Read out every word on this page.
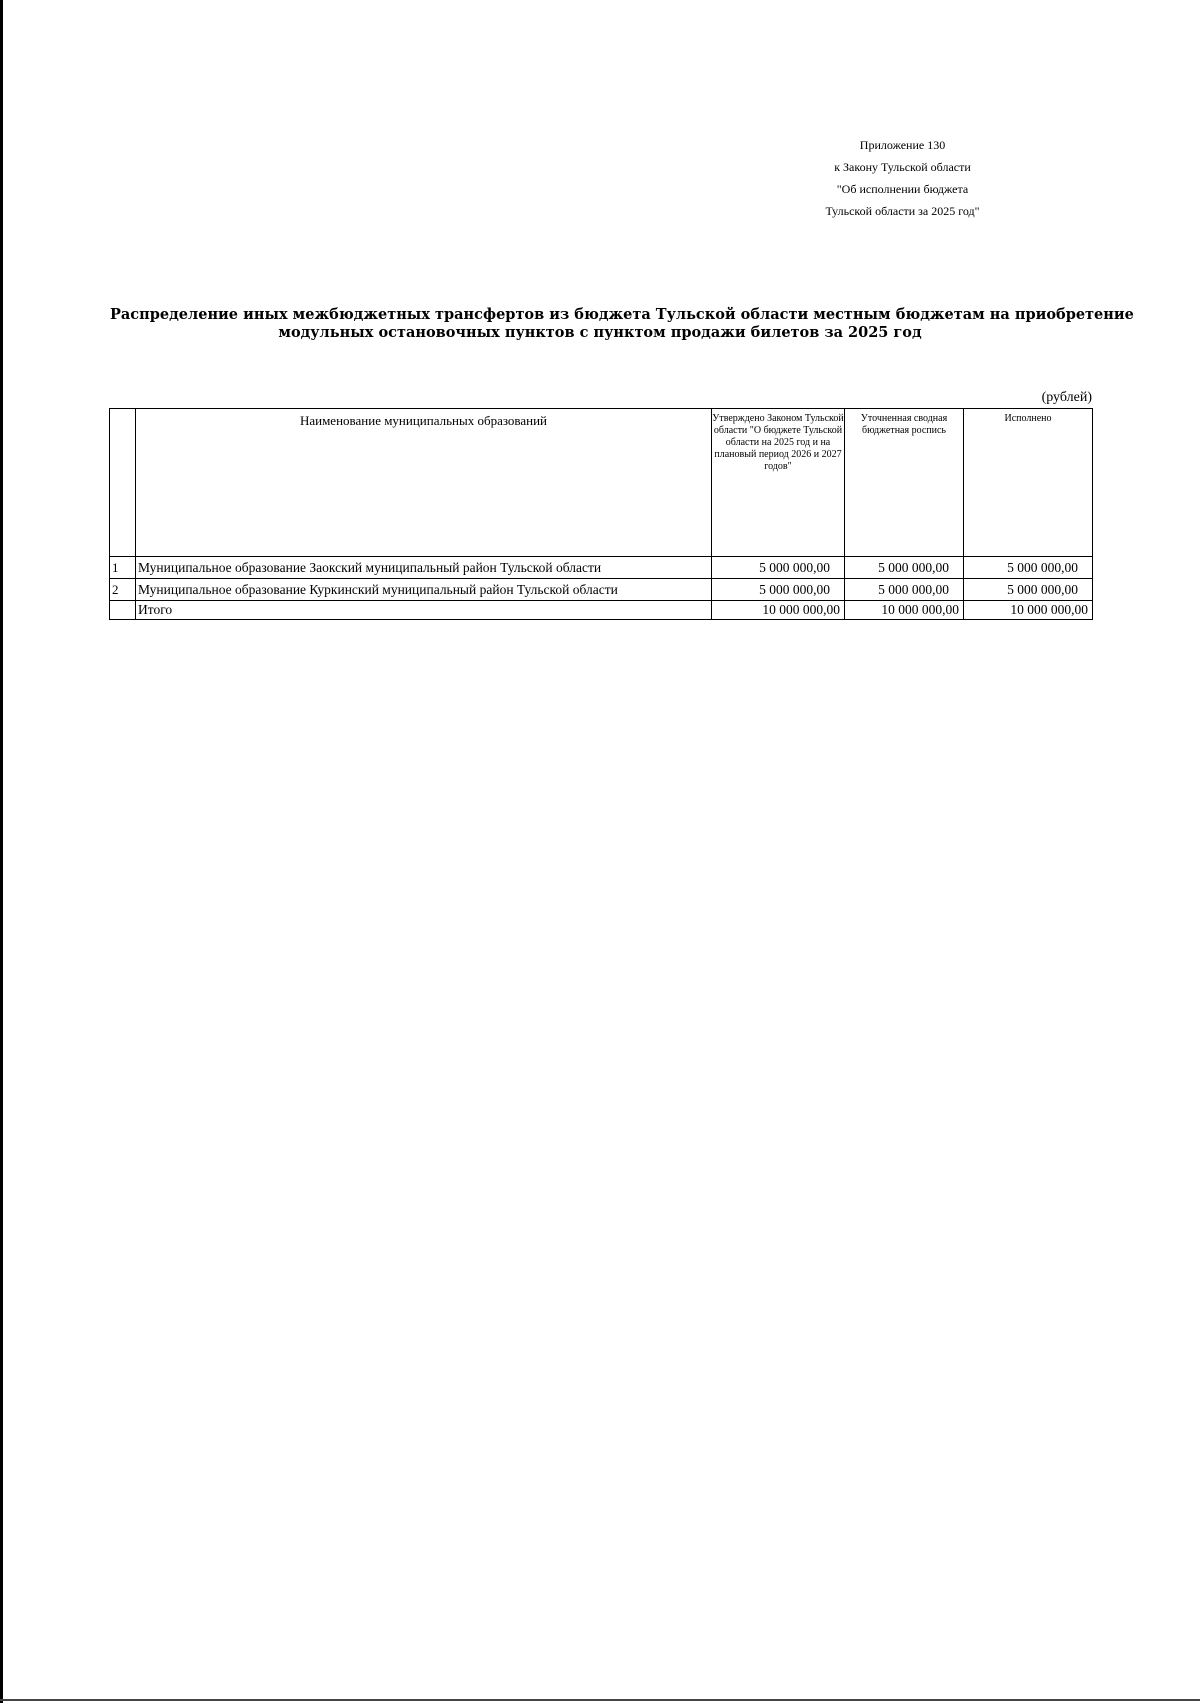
Приложение 130
к Закону Тульской области
"Об исполнении бюджета
Тульской области за 2025 год"
Распределение иных межбюджетных трансфертов из бюджета Тульской области местным бюджетам на приобретение
модульных остановочных пунктов с пунктом продажи билетов за 2025 год
(рублей)
	Наименование муниципальных образований	Утверждено Законом Тульской области "О бюджете Тульской области на 2025 год и на плановый период 2026 и 2027 годов"	Уточненная сводная бюджетная роспись	Исполнено
1	Муниципальное образование Заокский муниципальный район Тульской области	5 000 000,00	5 000 000,00	5 000 000,00
2	Муниципальное образование Куркинский муниципальный район Тульской области	5 000 000,00	5 000 000,00	5 000 000,00
	Итого	10 000 000,00	10 000 000,00	10 000 000,00
